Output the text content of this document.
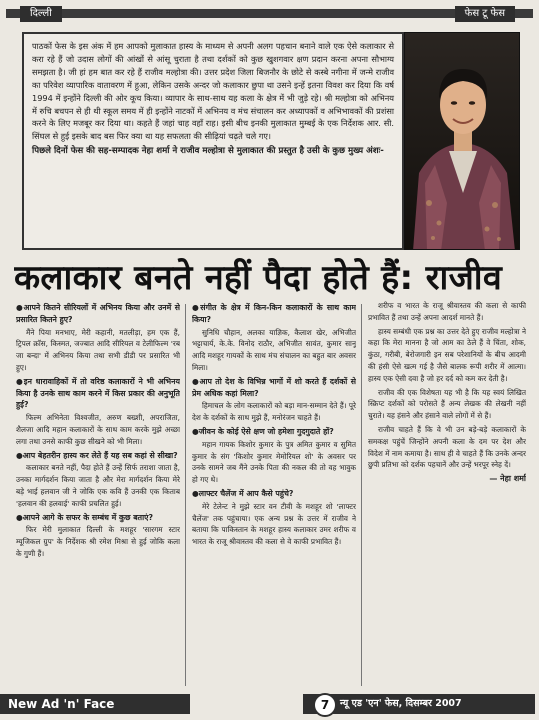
दिल्ली	फेस टू फेस

पाठकों फेस के इस अंक में हम आपको मुलाकात हास्य के माध्यम से अपनी अलग पहचान बनाने वाले एक ऐसे कलाकार से करा रहे हैं जो उदास लोगों की आंखों से आंसू चुराता है तथा दर्शकों को कुछ खुशगवार क्षण प्रदान करना अपना सौभाग्य समझता है। जी हां हम बात कर रहे हैं राजीव मल्होत्रा की। उत्तर प्रदेश जिला बिजनौर के छोटे से कस्बे नगीना में जन्मे राजीव का परिवेश व्यापारिक वातावरण में हुआ, लेकिन उसके अन्दर जो कलाकार छुपा था उसने इन्हें इतना विवश कर दिया कि वर्ष 1994 में इन्होंने दिल्ली की ओर कूच किया। व्यापार के साथ-साथ यह कला के क्षेत्र में भी जुड़े रहे। श्री मल्होत्रा को अभिनय में रुचि बचपन से ही थी स्कूल समय में ही इन्होंने नाटकों में अभिनय व मंच संचालन कर अध्यापकों व अभिभावकों की प्रशंसा करने के लिए मजबूर कर दिया था। कहते हैं जहां चाह वहाँ राह। इसी बीच इनकी मुलाकात मुम्बई के एक निर्देशक आर. सी. सिंघल से हुई इसके बाद बस फिर क्या था यह सफलता की सीढ़ियां चढ़ते चले गए।

पिछले दिनों फेस की सह-सम्पादक नेहा शर्मा ने राजीव मल्होत्रा से मुलाकात की प्रस्तुत है उसी के कुछ मुख्य अंशः-

कलाकार बनते नहीं पैदा होते हैं: राजीव
●आपने कितने सीरियलों में अभिनय किया और उनमें से प्रसारित कितने हुए?
मैंने पिया मनभाए, मेरी कहानी, मतलीड़ा, हम एक हैं, ट्रिपल क्रॉस, किस्मत, जज्बात आदि सीरियल व टेलीफिल्म 'रब जा बन्दा' में अभिनय किया तथा सभी डीडी पर प्रसारित भी हुए।
●इन धारावाहिकों में तो वरिष्ठ कलाकारों ने भी अभिनय किया है उनके साथ काम करने में किस प्रकार की अनुभूति हुई?
फिल्म अभिनेता विश्वजीत, अरुण बख्शी, अपराजिता, शैलजा आदि महान कलाकारों के साथ काम करके मुझे अच्छा लगा तथा उनसे काफी कुछ सीखने को भी मिला।
●आप बेहतरीन हास्य कर लेते हैं यह सब कहां से सीखा?
कलाकार बनते नहीं, पैदा होते हैं उन्हें सिर्फ तराशा जाता है, उनका मार्गदर्शन किया जाता है और मेरा मार्गदर्शन किया मेरे बड़े भाई हलवान जी ने जोकि एक कवि हैं उनकी एक किताब 'हलवान की हलवाई' काफी प्रचलित हुई।
●आपने आगे के सफर के सम्बंध में कुछ बताएं?
फिर मेरी मुलाकात दिल्ली के मशहूर 'सारगम स्टार म्यूजिकल ग्रुप' के निर्देशक श्री रमेश मिश्रा से हुई जोकि कला के गुणी हैं।
●संगीत के क्षेत्र में किन-किन कलाकारों के साथ काम किया?
सुनिधि चौहान, अलका याज्ञिक, कैलाश खेर, अभिजीत भट्टाचार्य, के.के. विनोद राठौर, अभिजीत सावंत, कुमार सानू आदि मशहूर गायकों के साथ मंच संचालन का बहुत बार अवसर मिला।
●आप तो देश के विभिन्न भागों में शो करते हैं दर्शकों से प्रेम अधिक कहां मिला?
हिमाचल के लोग कलाकारों को बड़ा मान-सम्मान देते हैं। पूरे देश के दर्शकों के साथ मुझे हैं, मनोरंजन चाहते हैं।
●जीवन के कोई ऐसे क्षण जो हमेशा गुदगुदाते हों?
महान गायक किशोर कुमार के पुत्र अमित कुमार व सुमित कुमार के संग 'किशोर कुमार मेमोरियल शो' के अवसर पर उनके सामने जब मैंने उनके पिता की नकल की तो वह भावुक हो गए थे।
●लाफ्टर चैलेंज में आप कैसे पहुंचे?
मेरे टेलेन्ट ने मुझे स्टार वन टीवी के मशहूर शो 'लाफ्टर चैलेंज' तक पहुंचाया। एक अन्य प्रश्न के उत्तर में राजीव ने बताया कि पाकिस्तान के मशहूर हास्य कलाकार उमर शरीफ व भारत के राजू श्रीवास्तव की कला से वे काफी प्रभावित हैं।
शरीफ व भारत के राजू श्रीवास्तव की कला से काफी प्रभावित हैं तथा उन्हें अपना आदर्श मानते हैं।
हास्य सम्बंधी एक प्रश्न का उत्तर देते हुए राजीव मल्होत्रा ने कहा कि मेरा मानना है जो आम का ठेले हैं वे चिंता, शोक, कुंठा, गरीबी, बेरोजगारी इन सब परेशानियों के बीच आदमी की हंसी ऐसे खत्म गई है जैसे बालक रूपी शरीर में आत्मा। हास्य एक ऐसी दवा है जो हर दर्द को कम कर देती है।
राजीव की एक विशेषता यह भी है कि यह स्वयं लिखित स्क्रिप्ट दर्शकों को परोसते हैं अन्य लेखक की लेखनी नहीं चुराते। यह हंसने और हंसाने वाले लोगों में से हैं।
राजीव चाहते हैं कि वे भी उन बड़े-बड़े कलाकारों के समकक्ष पहुंचें जिन्होंने अपनी कला के दम पर देश और विदेश में नाम कमाया है। साथ ही वे चाहते हैं कि उनके अन्दर छुपी प्रतिभा को दर्शक पहचानें और उन्हें भरपूर स्नेह दें।
— नेहा शर्मा
New Ad 'n' Face	7	न्यू एड 'एन' फेस, दिसम्बर 2007
